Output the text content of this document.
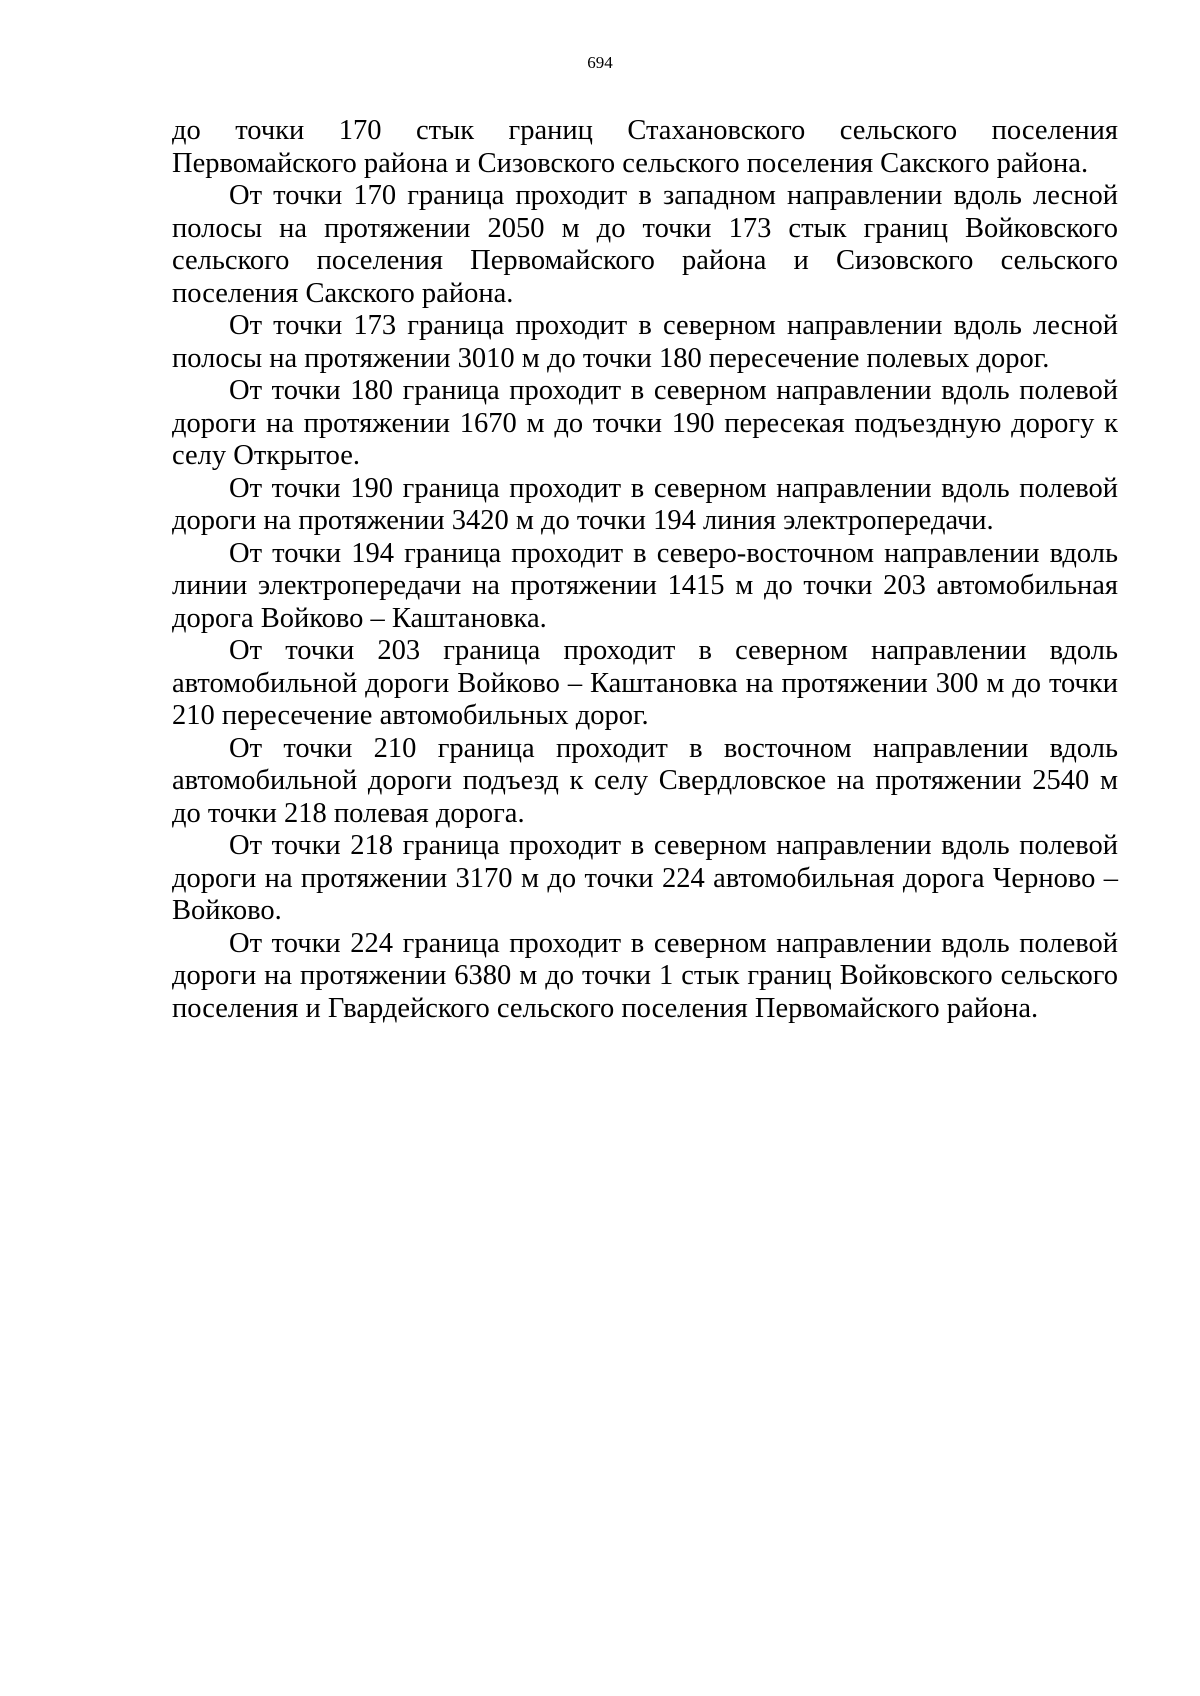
694

до точки 170 стык границ Стахановского сельского поселения Первомайского района и Сизовского сельского поселения Сакского района.

От точки 170 граница проходит в западном направлении вдоль лесной полосы на протяжении 2050 м до точки 173 стык границ Войковского сельского поселения Первомайского района и Сизовского сельского поселения Сакского района.

От точки 173 граница проходит в северном направлении вдоль лесной полосы на протяжении 3010 м до точки 180 пересечение полевых дорог.

От точки 180 граница проходит в северном направлении вдоль полевой дороги на протяжении 1670 м до точки 190 пересекая подъездную дорогу к селу Открытое.

От точки 190 граница проходит в северном направлении вдоль полевой дороги на протяжении 3420 м до точки 194 линия электропередачи.

От точки 194 граница проходит в северо-восточном направлении вдоль линии электропередачи на протяжении 1415 м до точки 203 автомобильная дорога Войково – Каштановка.

От точки 203 граница проходит в северном направлении вдоль автомобильной дороги Войково – Каштановка на протяжении 300 м до точки 210 пересечение автомобильных дорог.

От точки 210 граница проходит в восточном направлении вдоль автомобильной дороги подъезд к селу Свердловское на протяжении 2540 м до точки 218 полевая дорога.

От точки 218 граница проходит в северном направлении вдоль полевой дороги на протяжении 3170 м до точки 224 автомобильная дорога Черново – Войково.

От точки 224 граница проходит в северном направлении вдоль полевой дороги на протяжении 6380 м до точки 1 стык границ Войковского сельского поселения и Гвардейского сельского поселения Первомайского района.
